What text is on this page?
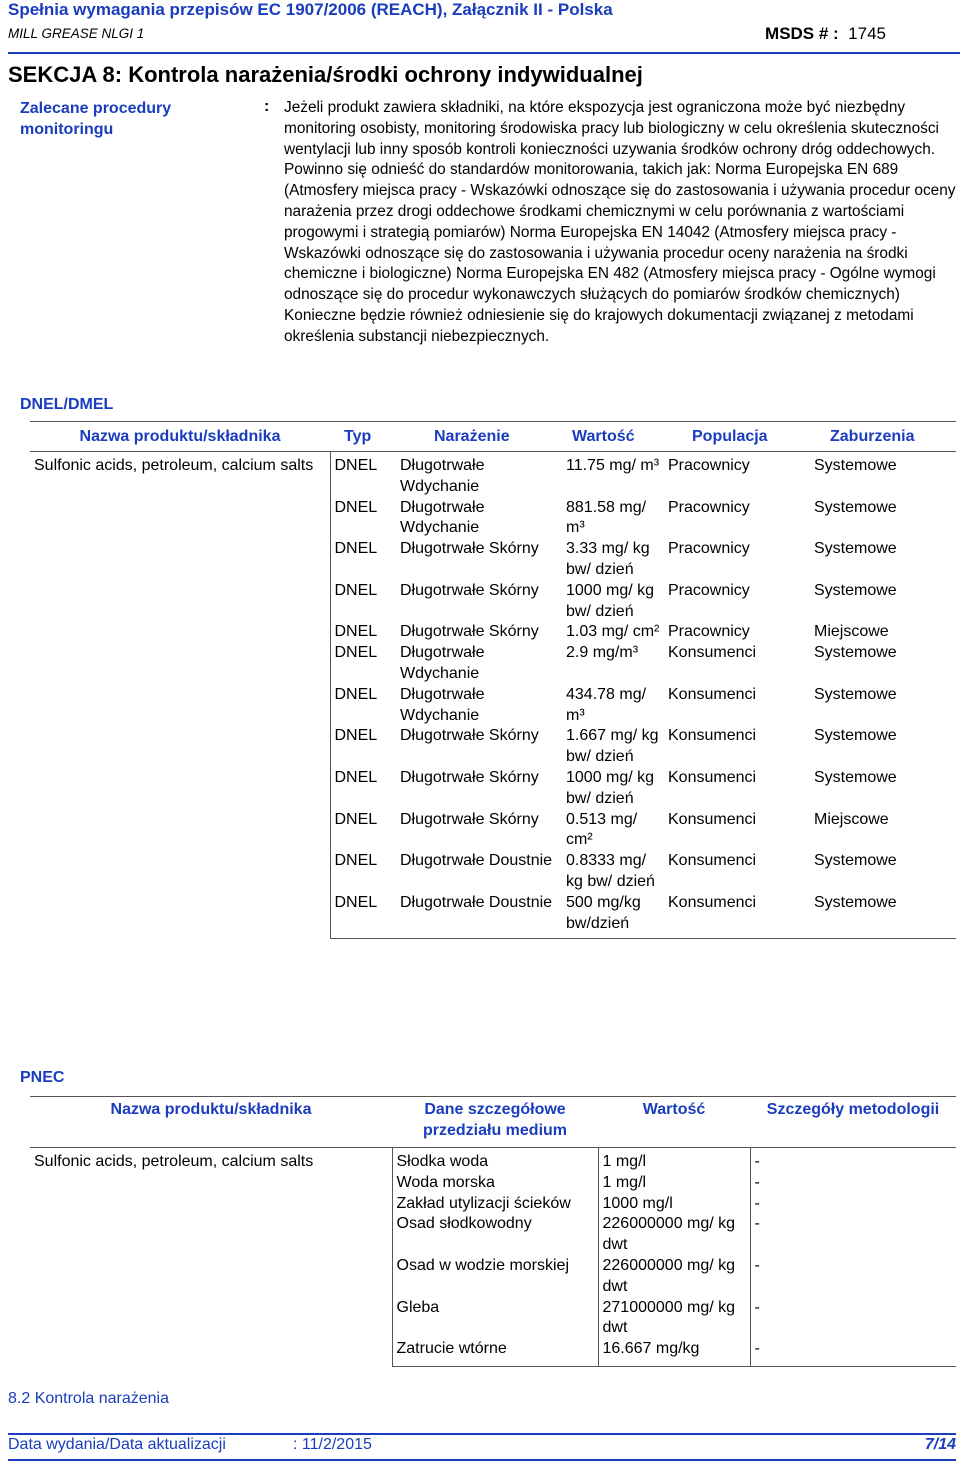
Spełnia wymagania przepisów EC 1907/2006 (REACH), Załącznik II - Polska
MILL GREASE NLGI 1	MSDS # : 1745
SEKCJA 8: Kontrola narażenia/środki ochrony indywidualnej
Zalecane procedury monitoringu
: Jeżeli produkt zawiera składniki, na które ekspozycja jest ograniczona może być niezbędny monitoring osobisty, monitoring środowiska pracy lub biologiczny w celu określenia skuteczności wentylacji lub inny sposób kontroli konieczności uzywania środków ochrony dróg oddechowych. Powinno się odnieść do standardów monitorowania, takich jak: Norma Europejska EN 689 (Atmosfery miejsca pracy - Wskazówki odnoszące się do zastosowania i używania procedur oceny narażenia przez drogi oddechowe środkami chemicznymi w celu porównania z wartościami progowymi i strategią pomiarów) Norma Europejska EN 14042 (Atmosfery miejsca pracy - Wskazówki odnoszące się do zastosowania i używania procedur oceny narażenia na środki chemiczne i biologiczne) Norma Europejska EN 482 (Atmosfery miejsca pracy - Ogólne wymogi odnoszące się do procedur wykonawczych służących do pomiarów środków chemicznych) Konieczne będzie również odniesienie się do krajowych dokumentacji związanej z metodami określenia substancji niebezpiecznych.
DNEL/DMEL
Nazwa produktu/składnika	Typ	Narażenie	Wartość	Populacja	Zaburzenia
Sulfonic acids, petroleum, calcium salts	DNEL	Długotrwałe Wdychanie	11.75 mg/ m³	Pracownicy	Systemowe
	DNEL	Długotrwałe Wdychanie	881.58 mg/ m³	Pracownicy	Systemowe
	DNEL	Długotrwałe Skórny	3.33 mg/ kg bw/ dzień	Pracownicy	Systemowe
	DNEL	Długotrwałe Skórny	1000 mg/ kg bw/ dzień	Pracownicy	Systemowe
	DNEL	Długotrwałe Skórny	1.03 mg/ cm²	Pracownicy	Miejscowe
	DNEL	Długotrwałe Wdychanie	2.9 mg/m³	Konsumenci	Systemowe
	DNEL	Długotrwałe Wdychanie	434.78 mg/ m³	Konsumenci	Systemowe
	DNEL	Długotrwałe Skórny	1.667 mg/ kg bw/ dzień	Konsumenci	Systemowe
	DNEL	Długotrwałe Skórny	1000 mg/ kg bw/ dzień	Konsumenci	Systemowe
	DNEL	Długotrwałe Skórny	0.513 mg/ cm²	Konsumenci	Miejscowe
	DNEL	Długotrwałe Doustnie	0.8333 mg/ kg bw/ dzień	Konsumenci	Systemowe
	DNEL	Długotrwałe Doustnie	500 mg/kg bw/dzień	Konsumenci	Systemowe
PNEC
Nazwa produktu/składnika	Dane szczegółowe przedziału medium	Wartość	Szczegóły metodologii
Sulfonic acids, petroleum, calcium salts	Słodka woda	1 mg/l	-
	Woda morska	1 mg/l	-
	Zakład utylizacji ścieków	1000 mg/l	-
	Osad słodkowodny	226000000 mg/ kg dwt	-
	Osad w wodzie morskiej	226000000 mg/ kg dwt	-
	Gleba	271000000 mg/ kg dwt	-
	Zatrucie wtórne	16.667 mg/kg	-
8.2 Kontrola narażenia
Data wydania/Data aktualizacji	: 11/2/2015	7/14
